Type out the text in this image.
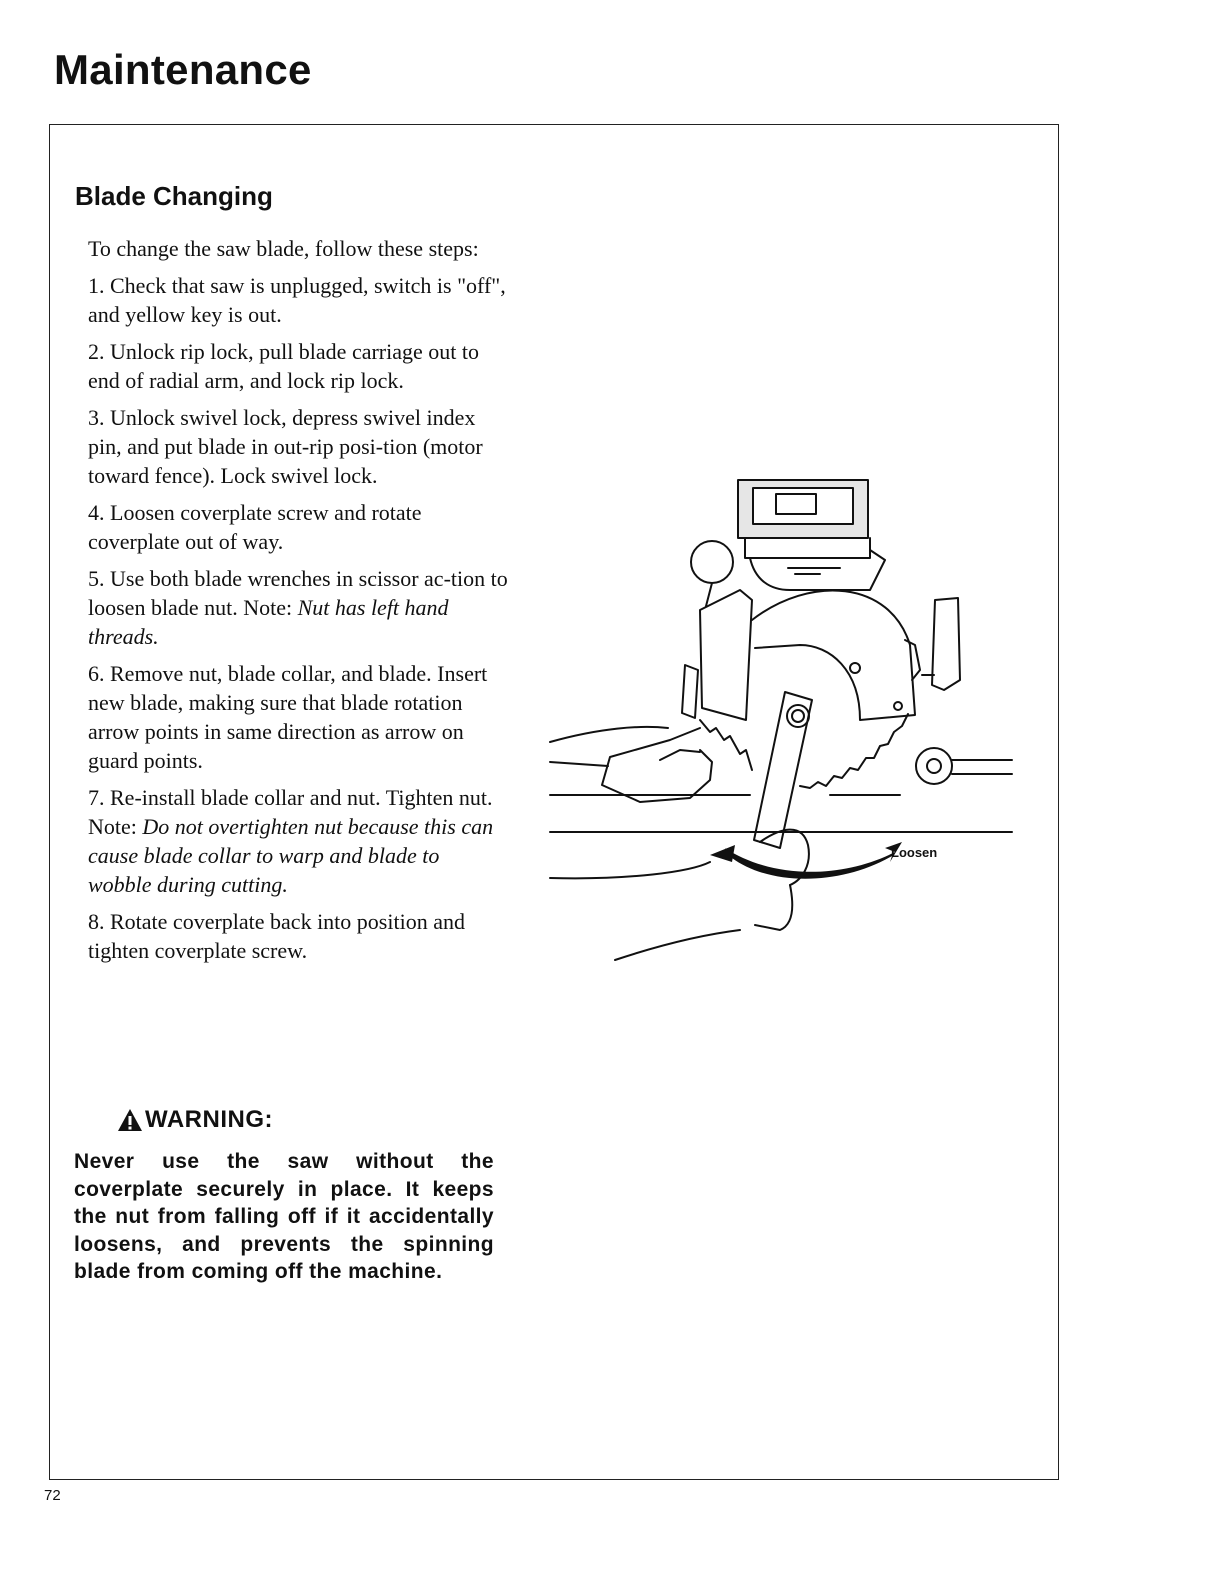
Maintenance
Blade Changing

To change the saw blade, follow these steps:

1. Check that saw is unplugged, switch is "off", and yellow key is out.

2. Unlock rip lock, pull blade carriage out to end of radial arm, and lock rip lock.

3. Unlock swivel lock, depress swivel index pin, and put blade in out-rip posi-tion (motor toward fence). Lock swivel lock.

4. Loosen coverplate screw and rotate coverplate out of way.

5. Use both blade wrenches in scissor ac-tion to loosen blade nut. Note: Nut has left hand threads.

6. Remove nut, blade collar, and blade. Insert new blade, making sure that blade rotation arrow points in same direction as arrow on guard points.

7. Re-install blade collar and nut. Tighten nut. Note: Do not overtighten nut because this can cause blade collar to warp and blade to wobble during cutting.

8. Rotate coverplate back into position and tighten coverplate screw.

WARNING:

Never use the saw without the coverplate securely in place. It keeps the nut from falling off if it accidentally loosens, and prevents the spinning blade from coming off the machine.

Loosen
72
